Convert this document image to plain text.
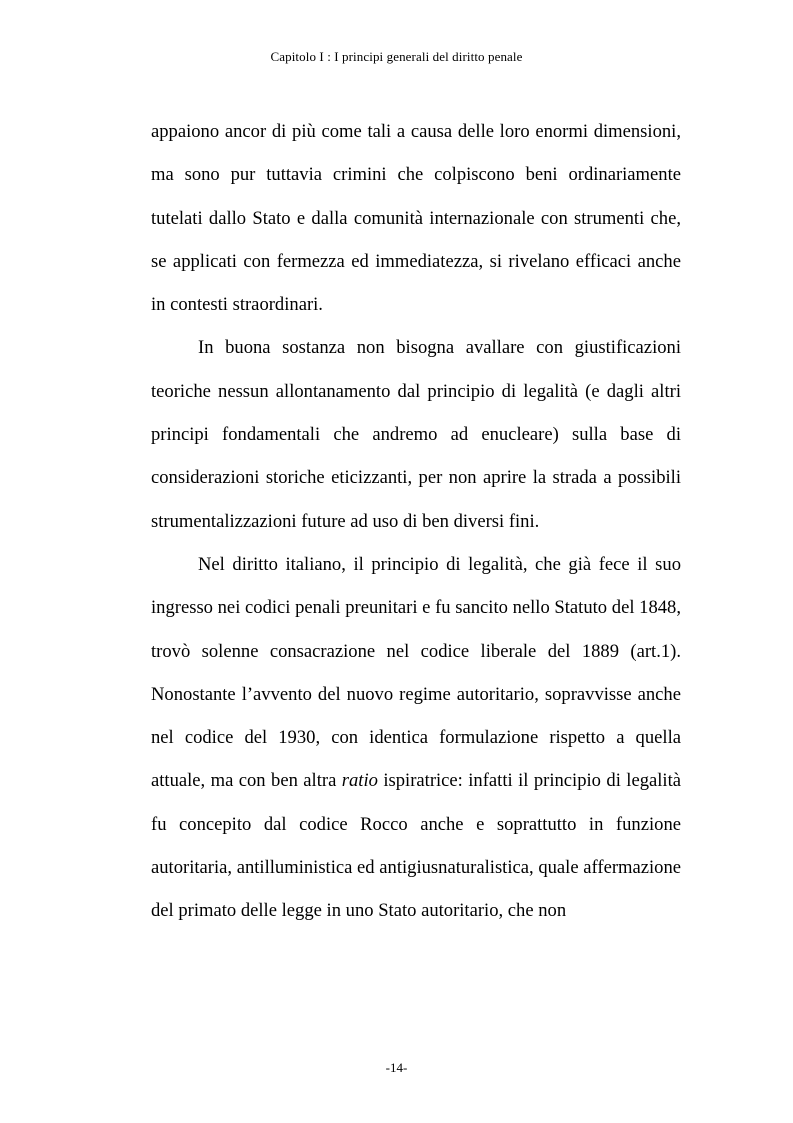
Capitolo I : I principi generali del diritto penale

appaiono ancor di più come tali a causa delle loro enormi dimensioni, ma sono pur tuttavia crimini che colpiscono beni ordinariamente tutelati dallo Stato e dalla comunità internazionale con strumenti che, se applicati con fermezza ed immediatezza, si rivelano efficaci anche in contesti straordinari.

In buona sostanza non bisogna avallare con giustificazioni teoriche nessun allontanamento dal principio di legalità (e dagli altri principi fondamentali che andremo ad enucleare) sulla base di considerazioni storiche eticizzanti, per non aprire la strada a possibili strumentalizzazioni future ad uso di ben diversi fini.

Nel diritto italiano, il principio di legalità, che già fece il suo ingresso nei codici penali preunitari e fu sancito nello Statuto del 1848, trovò solenne consacrazione nel codice liberale del 1889 (art.1). Nonostante l’avvento del nuovo regime autoritario, sopravvisse anche nel codice del 1930, con identica formulazione rispetto a quella attuale, ma con ben altra ratio ispiratrice: infatti il principio di legalità fu concepito dal codice Rocco anche e soprattutto in funzione autoritaria, antilluministica ed antigiusnaturalistica, quale affermazione del primato delle legge in uno Stato autoritario, che non

-14-
